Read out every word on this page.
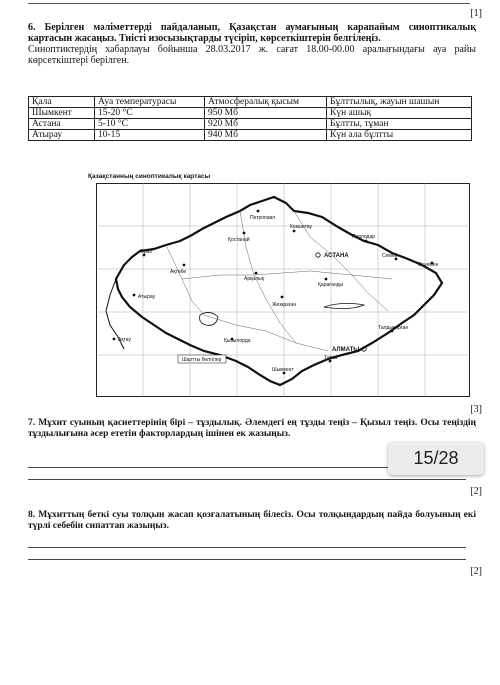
[1]
6. Берілген мәліметтерді пайдаланып, Қазақстан аумағының карапайым синоптикалық картасын жасаңыз. Тиісті изосызықтарды түсіріп, көрсеткіштерін белгілеңіз.
Синоптиктердің хабарлауы бойынша 28.03.2017 ж. сағат 18.00-00.00 аралығындағы ауа райы көрсеткіштері берілген.
Қала	Ауа температурасы	Атмосфералық қысым	Бұлттылық, жауын шашын
Шымкент	15-20 °С	950 Мб	Күн ашық
Астана	5-10 °С	920 Мб	Бұлтты, тұман
Атырау	10-15	940 Мб	Күн ала бұлтты
Қазақстанның синоптикалық картасы
Петропавл
Қостанай
Көкшетау
Павлодар
Орал
АСТАНА	Семей
Өскемен
Ақтөбе
Арқалық
Қарағанды
Атырау
Жезқазған
Талдықорған
Ақтау	Қызылорда
АЛМАТЫ
Тараз
Шымкент
Шартты белгілер
[3]
7. Мұхит суының қасиеттерінің бірі – тұздылық. Әлемдегі ең тұзды теңіз – Қызыл теңіз. Осы теңіздің тұздылығына әсер ететін факторлардың ішінен ек жазыңыз.
[2]
8. Мұхиттың беткі суы толқын жасап қозғалатының білесіз. Осы толқындардың пайда болуының екі түрлі себебін сипаттап жазыңыз.
[2]
15/28
